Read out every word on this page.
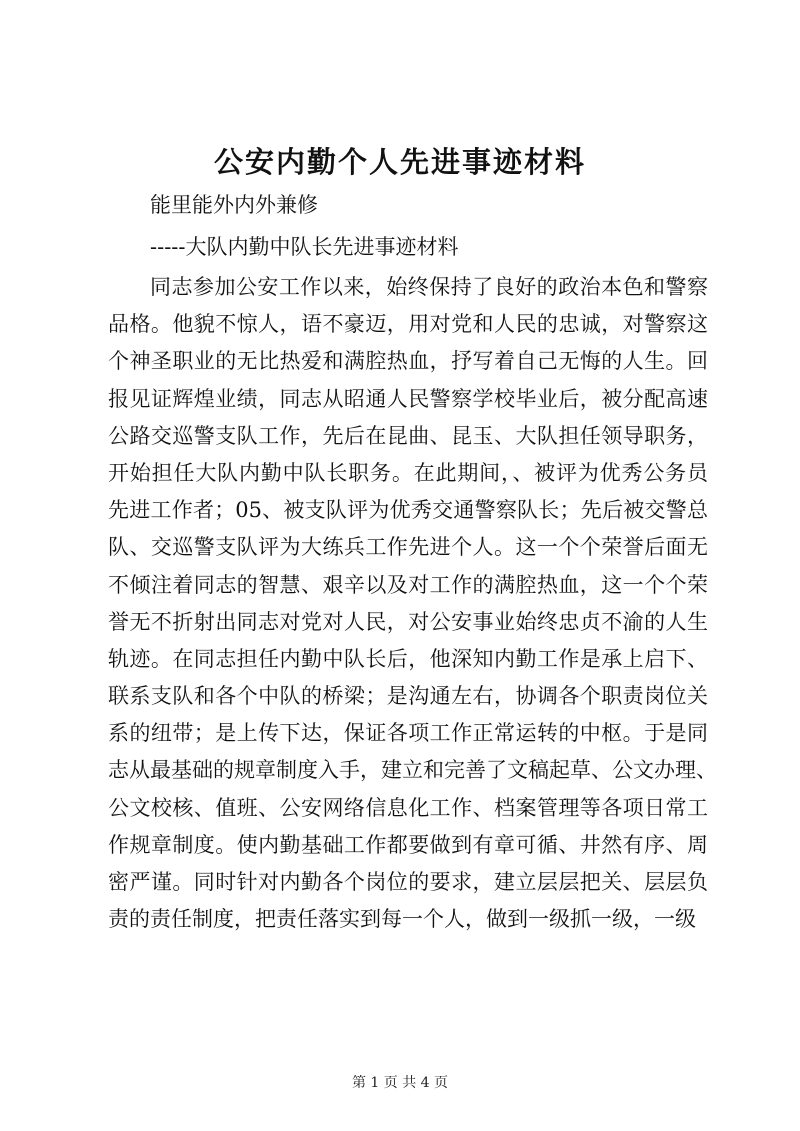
公安内勤个人先进事迹材料
能里能外内外兼修
-----大队内勤中队长先进事迹材料
同志参加公安工作以来，始终保持了良好的政治本色和警察
品格。他貌不惊人，语不豪迈，用对党和人民的忠诚，对警察这
个神圣职业的无比热爱和满腔热血，抒写着自己无悔的人生。回
报见证辉煌业绩，同志从昭通人民警察学校毕业后，被分配高速
公路交巡警支队工作，先后在昆曲、昆玉、大队担任领导职务，
开始担任大队内勤中队长职务。在此期间，、被评为优秀公务员
先进工作者；05、被支队评为优秀交通警察队长；先后被交警总
队、交巡警支队评为大练兵工作先进个人。这一个个荣誉后面无
不倾注着同志的智慧、艰辛以及对工作的满腔热血，这一个个荣
誉无不折射出同志对党对人民，对公安事业始终忠贞不渝的人生
轨迹。在同志担任内勤中队长后，他深知内勤工作是承上启下、
联系支队和各个中队的桥梁；是沟通左右，协调各个职责岗位关
系的纽带；是上传下达，保证各项工作正常运转的中枢。于是同
志从最基础的规章制度入手，建立和完善了文稿起草、公文办理、
公文校核、值班、公安网络信息化工作、档案管理等各项日常工
作规章制度。使内勤基础工作都要做到有章可循、井然有序、周
密严谨。同时针对内勤各个岗位的要求，建立层层把关、层层负
责的责任制度，把责任落实到每一个人，做到一级抓一级，一级
第 1 页 共 4 页
